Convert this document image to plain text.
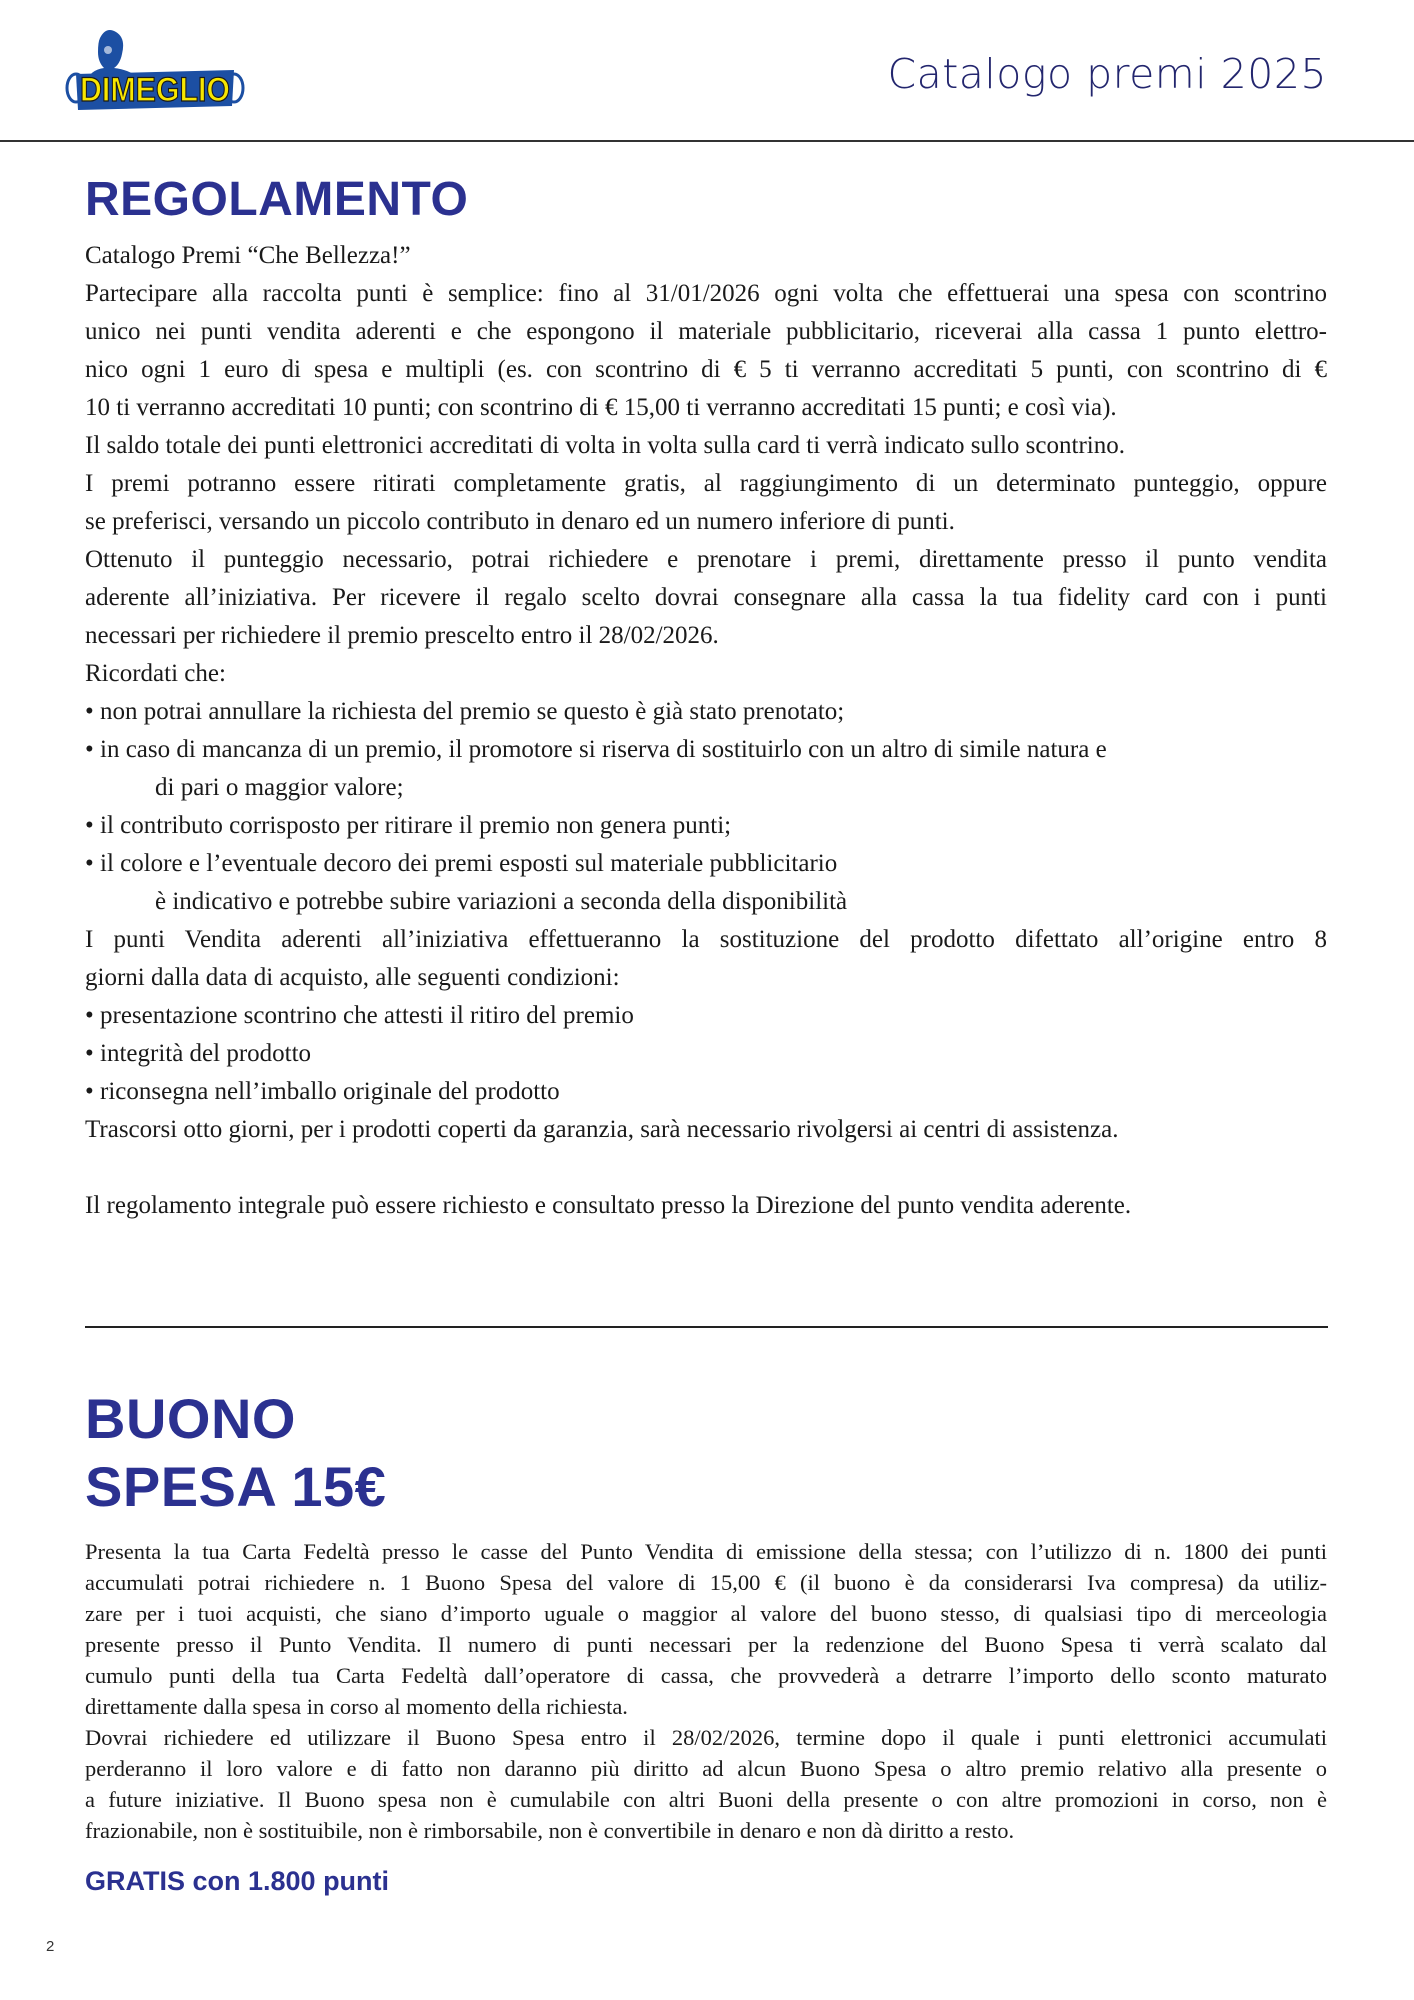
DIMEGLIO	Catalogo premi 2025
REGOLAMENTO
Catalogo Premi “Che Bellezza!”
Partecipare alla raccolta punti è semplice: fino al 31/01/2026 ogni volta che effettuerai una spesa con scontrino
unico nei punti vendita aderenti e che espongono il materiale pubblicitario, riceverai alla cassa 1 punto elettro-
nico ogni 1 euro di spesa e multipli (es. con scontrino di € 5 ti verranno accreditati 5 punti, con scontrino di €
10 ti verranno accreditati 10 punti; con scontrino di € 15,00 ti verranno accreditati 15 punti; e così via).
Il saldo totale dei punti elettronici accreditati di volta in volta sulla card ti verrà indicato sullo scontrino.
I premi potranno essere ritirati completamente gratis, al raggiungimento di un determinato punteggio, oppure
se preferisci, versando un piccolo contributo in denaro ed un numero inferiore di punti.
Ottenuto il punteggio necessario, potrai richiedere e prenotare i premi, direttamente presso il punto vendita
aderente all’iniziativa. Per ricevere il regalo scelto dovrai consegnare alla cassa la tua fidelity card con i punti
necessari per richiedere il premio prescelto entro il 28/02/2026.
Ricordati che:
• non potrai annullare la richiesta del premio se questo è già stato prenotato;
• in caso di mancanza di un premio, il promotore si riserva di sostituirlo con un altro di simile natura e
di pari o maggior valore;
• il contributo corrisposto per ritirare il premio non genera punti;
• il colore e l’eventuale decoro dei premi esposti sul materiale pubblicitario
è indicativo e potrebbe subire variazioni a seconda della disponibilità
I punti Vendita aderenti all’iniziativa effettueranno la sostituzione del prodotto difettato all’origine entro 8
giorni dalla data di acquisto, alle seguenti condizioni:
• presentazione scontrino che attesti il ritiro del premio
• integrità del prodotto
• riconsegna nell’imballo originale del prodotto
Trascorsi otto giorni, per i prodotti coperti da garanzia, sarà necessario rivolgersi ai centri di assistenza.
Il regolamento integrale può essere richiesto e consultato presso la Direzione del punto vendita aderente.
BUONO
SPESA 15€
Presenta la tua Carta Fedeltà presso le casse del Punto Vendita di emissione della stessa; con l’utilizzo di n. 1800 dei punti
accumulati potrai richiedere n. 1 Buono Spesa del valore di 15,00 € (il buono è da considerarsi Iva compresa) da utiliz-
zare per i tuoi acquisti, che siano d’importo uguale o maggior al valore del buono stesso, di qualsiasi tipo di merceologia
presente presso il Punto Vendita. Il numero di punti necessari per la redenzione del Buono Spesa ti verrà scalato dal
cumulo punti della tua Carta Fedeltà dall’operatore di cassa, che provvederà a detrarre l’importo dello sconto maturato
direttamente dalla spesa in corso al momento della richiesta.
Dovrai richiedere ed utilizzare il Buono Spesa entro il 28/02/2026, termine dopo il quale i punti elettronici accumulati
perderanno il loro valore e di fatto non daranno più diritto ad alcun Buono Spesa o altro premio relativo alla presente o
a future iniziative. Il Buono spesa non è cumulabile con altri Buoni della presente o con altre promozioni in corso, non è
frazionabile, non è sostituibile, non è rimborsabile, non è convertibile in denaro e non dà diritto a resto.
GRATIS con 1.800 punti
2
